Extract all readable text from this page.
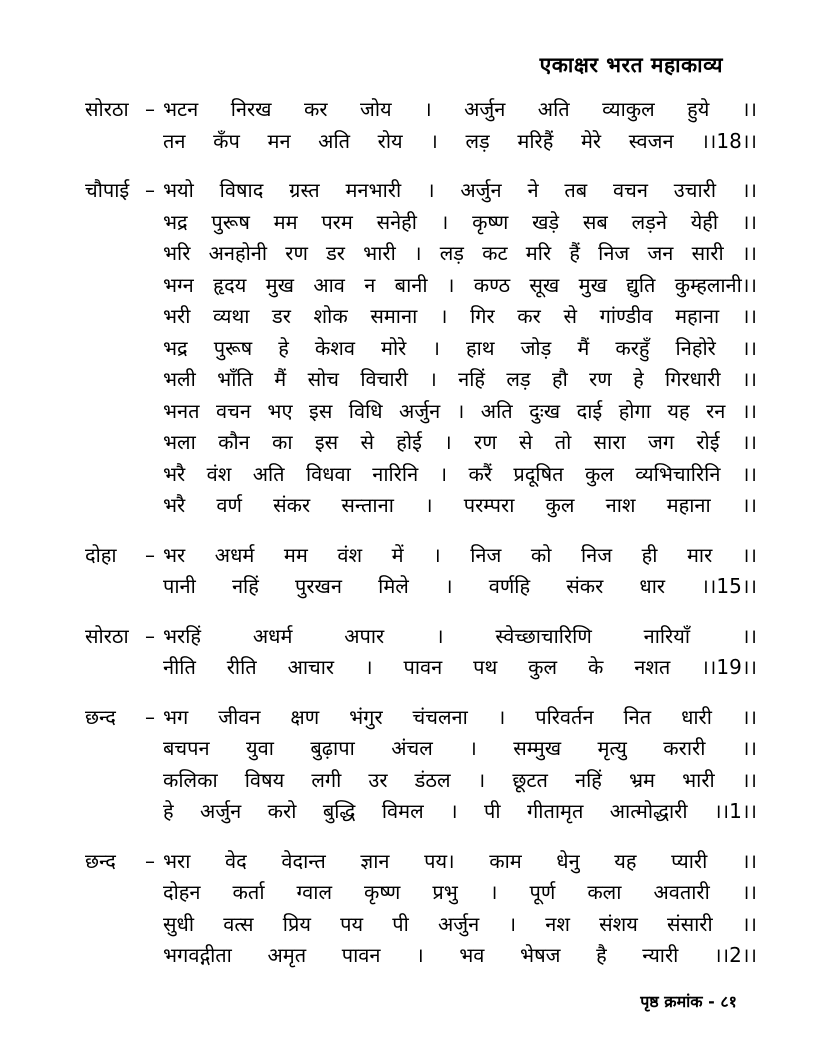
एकाक्षर भरत महाकाव्य
सोरठा – भटन निरख कर जोय । अर्जुन अति व्याकुल हुये ।।
तन कँप मन अति रोय । लड़ मरिहैं मेरे स्वजन ।।18।।
चौपाई – भयो विषाद ग्रस्त मनभारी । अर्जुन ने तब वचन उचारी ।।
भद्र पुरूष मम परम सनेही । कृष्ण खड़े सब लड़ने येही ।।
भरि अनहोनी रण डर भारी । लड़ कट मरि हैं निज जन सारी ।।
भग्न हृदय मुख आव न बानी । कण्ठ सूख मुख द्युति कुम्हलानी।।
भरी व्यथा डर शोक समाना । गिर कर से गांण्डीव महाना ।।
भद्र पुरूष हे केशव मोरे । हाथ जोड़ मैं करहुँ निहोरे ।।
भली भाँति मैं सोच विचारी । नहिं लड़ हौ रण हे गिरधारी ।।
भनत वचन भए इस विधि अर्जुन । अति दुःख दाई होगा यह रन ।।
भला कौन का इस से होई । रण से तो सारा जग रोई ।।
भरै वंश अति विधवा नारिनि । करैं प्रदूषित कुल व्यभिचारिनि ।।
भरै वर्ण संकर सन्ताना । परम्परा कुल नाश महाना ।।
दोहा	– भर अधर्म मम वंश में । निज को निज ही मार ।।
पानी नहिं पुरखन मिले । वर्णहि संकर धार ।।15।।
सोरठा – भरहिं अधर्म अपार । स्वेच्छाचारिणि नारियाँ ।।
नीति रीति आचार । पावन पथ कुल के नशत ।।19।।
छन्द	– भग जीवन क्षण भंगुर चंचलना । परिवर्तन नित धारी ।।
बचपन युवा बुढ़ापा अंचल । सम्मुख मृत्यु करारी ।।
कलिका विषय लगी उर डंठल । छूटत नहिं भ्रम भारी ।।
हे अर्जुन करो बुद्धि विमल । पी गीतामृत आत्मोद्धारी ।।1।।
छन्द	– भरा वेद वेदान्त ज्ञान पय। काम धेनु यह प्यारी ।।
दोहन कर्ता ग्वाल कृष्ण प्रभु । पूर्ण कला अवतारी ।।
सुधी वत्स प्रिय पय पी अर्जुन । नश संशय संसारी ।।
भगवद्गीता अमृत पावन । भव भेषज है न्यारी ।।2।।
पृष्ठ क्रमांक - ८१
